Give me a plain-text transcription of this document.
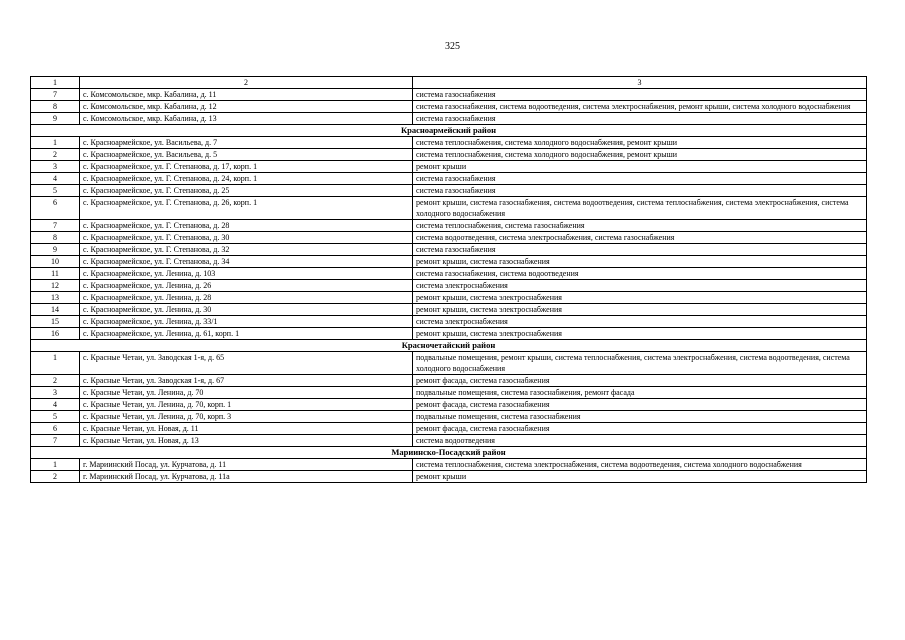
325
1	2	3
7	с. Комсомольское, мкр. Кабалина, д. 11	система газоснабжения
8	с. Комсомольское, мкр. Кабалина, д. 12	система газоснабжения, система водоотведения, система электроснабжения, ремонт крыши, система холодного водоснабжения
9	с. Комсомольское, мкр. Кабалина, д. 13	система газоснабжения
Красноармейский район		
1	с. Красноармейское, ул. Васильева, д. 7	система теплоснабжения, система холодного водоснабжения, ремонт крыши
2	с. Красноармейское, ул. Васильева, д. 5	система теплоснабжения, система холодного водоснабжения, ремонт крыши
3	с. Красноармейское, ул. Г. Степанова, д. 17, корп. 1	ремонт крыши
4	с. Красноармейское, ул. Г. Степанова, д. 24, корп. 1	система газоснабжения
5	с. Красноармейское, ул. Г. Степанова, д. 25	система газоснабжения
6	с. Красноармейское, ул. Г. Степанова, д. 26, корп. 1	ремонт крыши, система газоснабжения, система водоотведения, система теплоснабжения, система электроснабжения, система холодного водоснабжения
7	с. Красноармейское, ул. Г. Степанова, д. 28	система теплоснабжения, система газоснабжения
8	с. Красноармейское, ул. Г. Степанова, д. 30	система водоотведения, система электроснабжения, система газоснабжения
9	с. Красноармейское, ул. Г. Степанова, д. 32	система газоснабжения
10	с. Красноармейское, ул. Г. Степанова, д. 34	ремонт крыши, система газоснабжения
11	с. Красноармейское, ул. Ленина, д. 103	система газоснабжения, система водоотведения
12	с. Красноармейское, ул. Ленина, д. 26	система электроснабжения
13	с. Красноармейское, ул. Ленина, д. 28	ремонт крыши, система электроснабжения
14	с. Красноармейское, ул. Ленина, д. 30	ремонт крыши, система электроснабжения
15	с. Красноармейское, ул. Ленина, д. 33/1	система электроснабжения
16	с. Красноармейское, ул. Ленина, д. 61, корп. 1	ремонт крыши, система электроснабжения
Красночетайский район		
1	с. Красные Четаи, ул. Заводская 1-я, д. 65	подвальные помещения, ремонт крыши, система теплоснабжения, система электроснабжения, система водоотведения, система холодного водоснабжения
2	с. Красные Четаи, ул. Заводская 1-я, д. 67	ремонт фасада, система газоснабжения
3	с. Красные Четаи, ул. Ленина, д. 70	подвальные помещения, система газоснабжения, ремонт фасада
4	с. Красные Четаи, ул. Ленина, д. 70, корп. 1	ремонт фасада, система газоснабжения
5	с. Красные Четаи, ул. Ленина, д. 70, корп. 3	подвальные помещения, система газоснабжения
6	с. Красные Четаи, ул. Новая, д. 11	ремонт фасада, система газоснабжения
7	с. Красные Четаи, ул. Новая, д. 13	система водоотведения
Мариинско-Посадский район		
1	г. Мариинский Посад, ул. Курчатова, д. 11	система теплоснабжения, система электроснабжения, система водоотведения, система холодного водоснабжения
2	г. Мариинский Посад, ул. Курчатова, д. 11а	ремонт крыши
